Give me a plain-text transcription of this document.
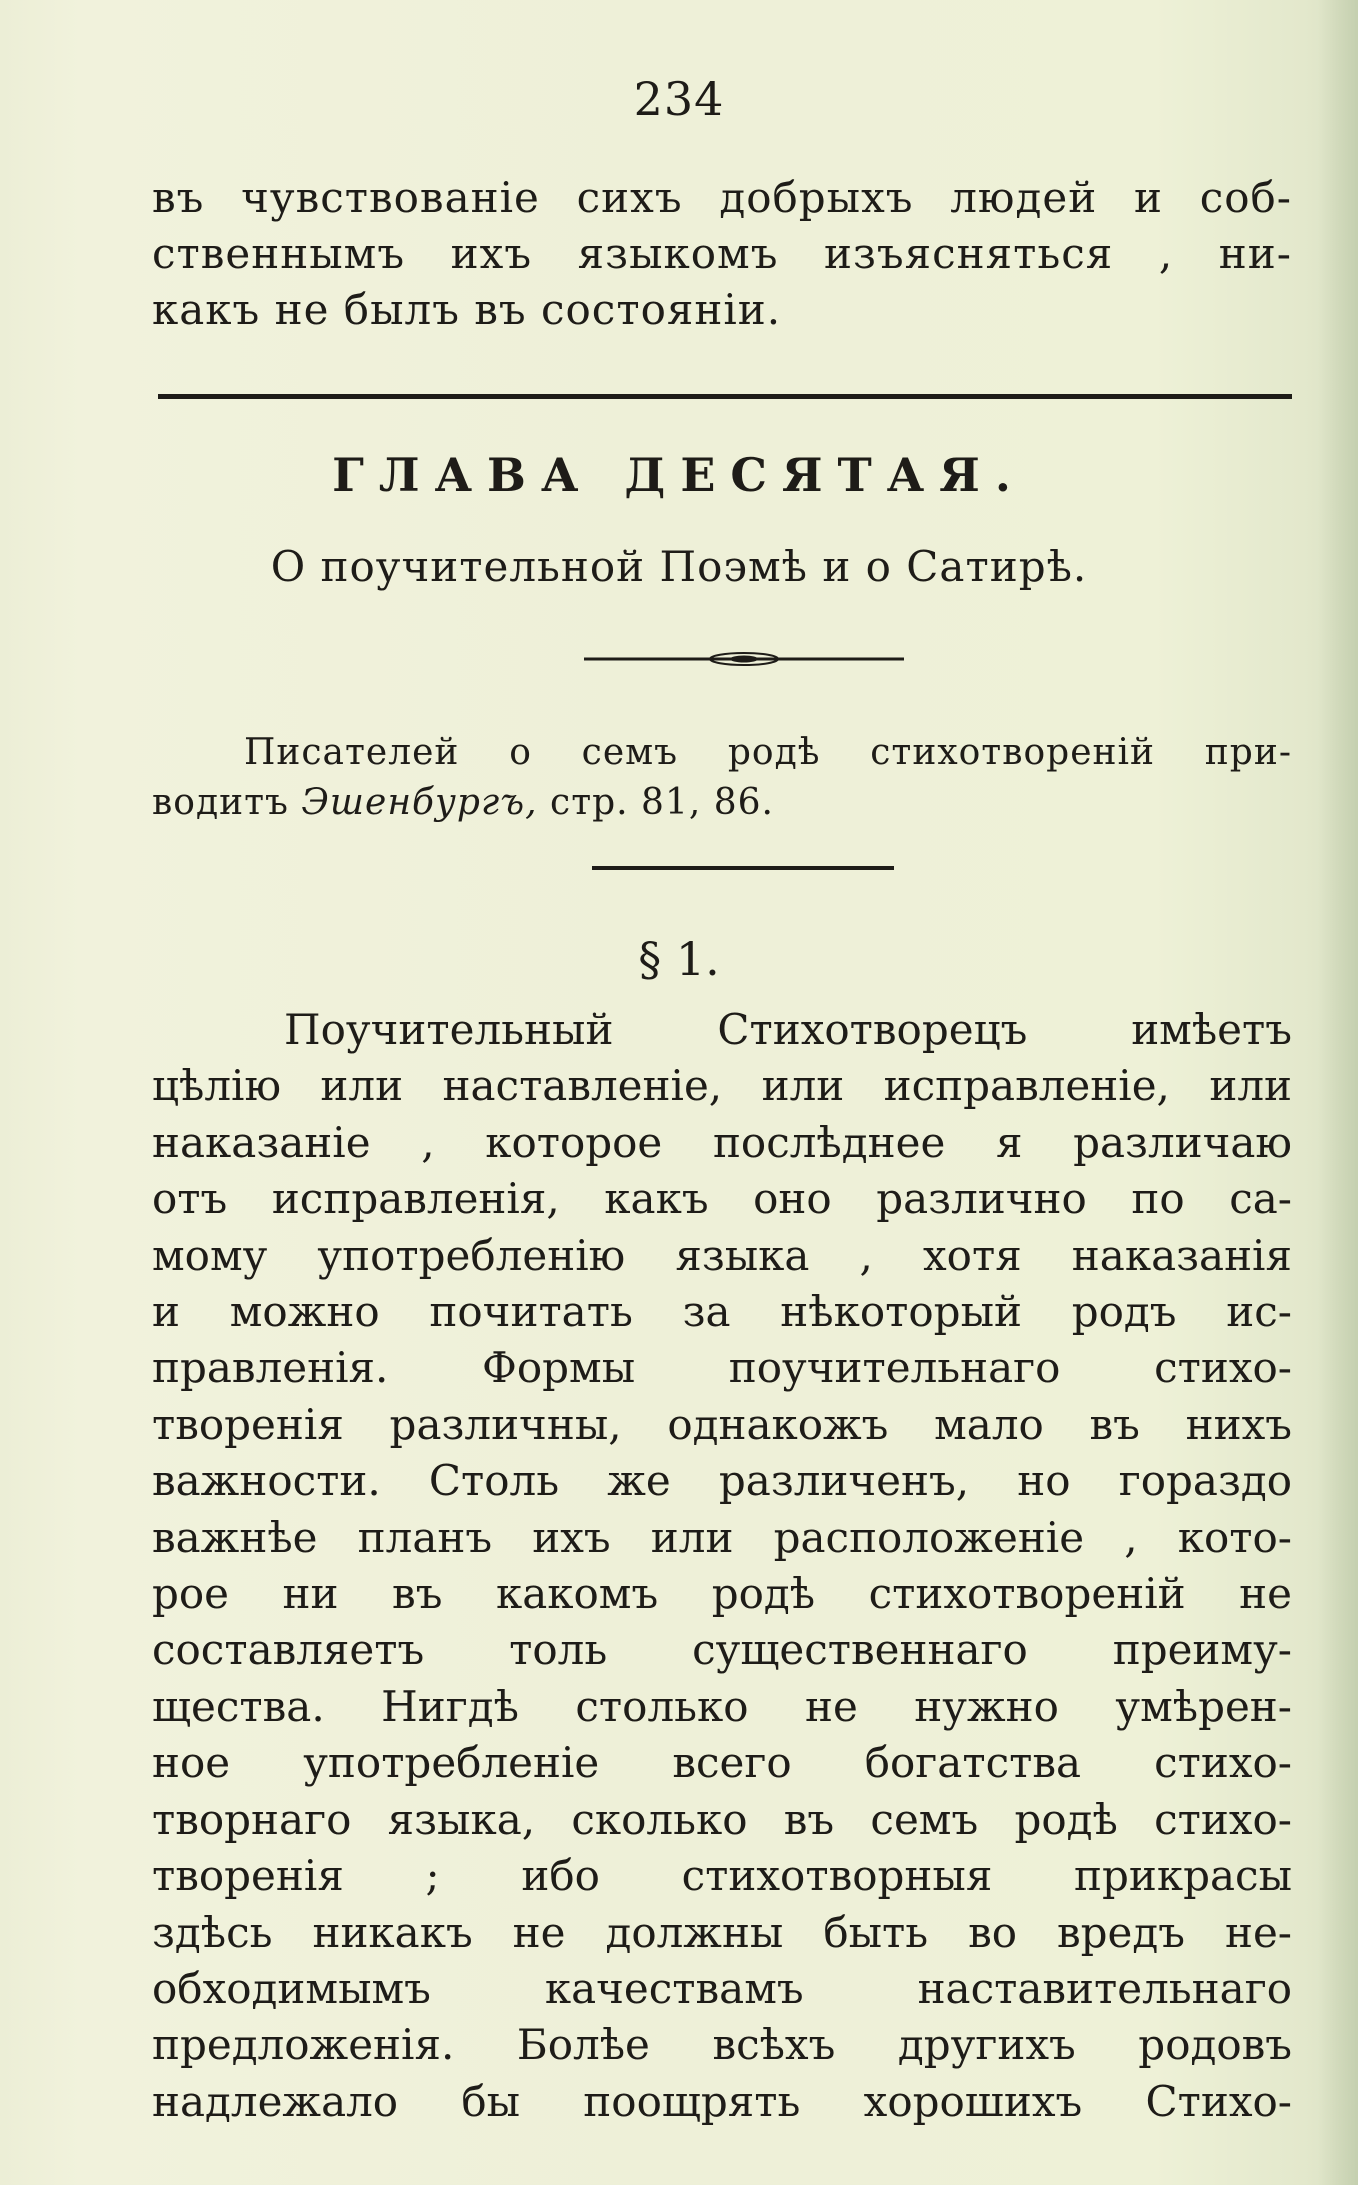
234

въ чувствованіе сихъ добрыхъ людей и соб-
ственнымъ ихъ языкомъ изъясняться , ни-
какъ не былъ въ состояніи.

ГЛАВА ДЕСЯТАЯ.
О поучительной Поэмѣ и о Сатирѣ.

Писателей о семъ родѣ стихотвореній при-
водитъ Эшенбургъ, стр. 81, 86.

§ 1.

Поучительный Стихотворецъ имѣетъ
цѣлію или наставленіе, или исправленіе, или
наказаніе , которое послѣднее я различаю
отъ исправленія, какъ оно различно по са-
мому употребленію языка , хотя наказанія
и можно почитать за нѣкоторый родъ ис-
правленія. Формы поучительнаго стихо-
творенія различны, однакожъ мало въ нихъ
важности. Столь же различенъ, но гораздо
важнѣе планъ ихъ или расположеніе , кото-
рое ни въ какомъ родѣ стихотвореній не
составляетъ толь существеннаго преиму-
щества. Нигдѣ столько не нужно умѣрен-
ное употребленіе всего богатства стихо-
творнаго языка, сколько въ семъ родѣ стихо-
творенія ; ибо стихотворныя прикрасы
здѣсь никакъ не должны быть во вредъ не-
обходимымъ качествамъ наставительнаго
предложенія. Болѣе всѣхъ другихъ родовъ
надлежало бы поощрять хорошихъ Стихо-
